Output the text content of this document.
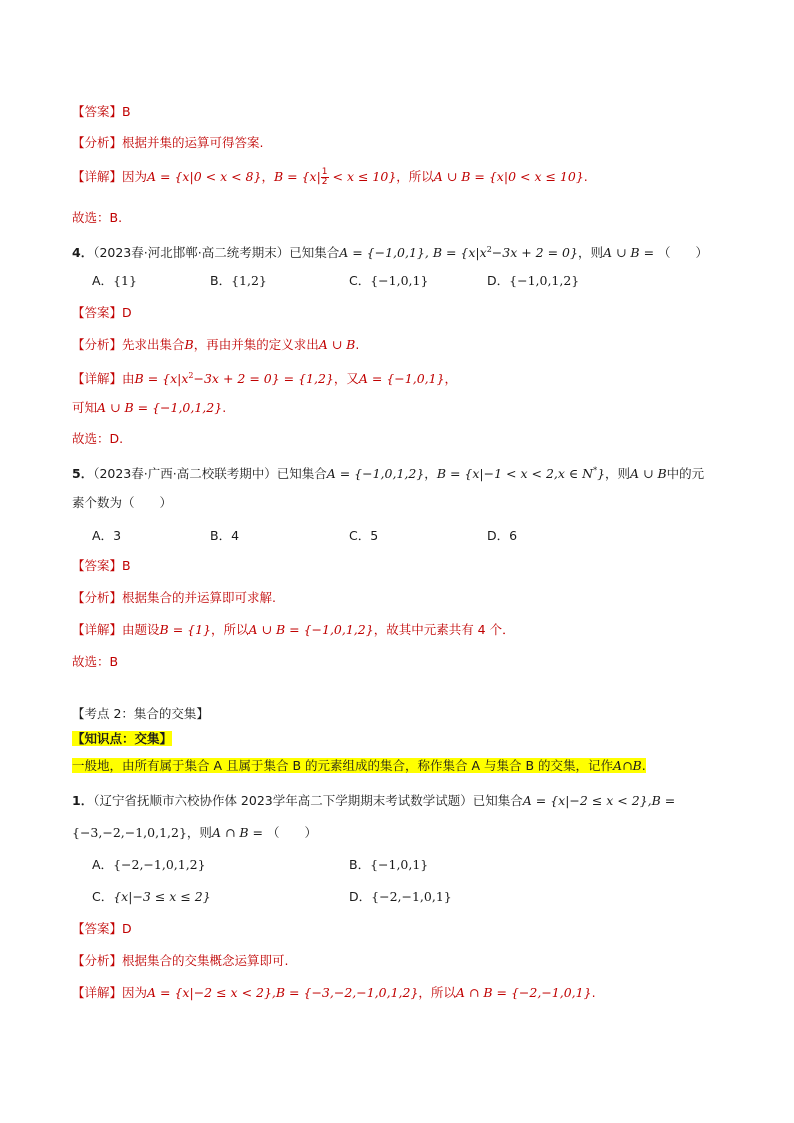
【答案】B
【分析】根据并集的运算可得答案.
【详解】因为A = {x|0 < x < 8}，$B = \{x| \frac{1}{2} < x \le 10\}$，所以A ∪ B = {x|0 < x ≤ 10}.
故选：B.
4．（2023春·河北邯郸·高二统考期末）已知集合A = {−1,0,1}, $B = \{x|x^2-3x + 2 = 0\}$，则A ∪ B = （　　）
A．{1}	B．{1,2}	C．{−1,0,1}	D．{−1,0,1,2}
【答案】D
【分析】先求出集合B，再由并集的定义求出A ∪ B.
【详解】由$B = \{x|x^2-3x + 2 = 0\} = \{1,2\}$，又A = {−1,0,1}，
可知A ∪ B = {−1,0,1,2}.
故选：D.
5．（2023春·广西·高二校联考期中）已知集合A = {−1,0,1,2}，B = {x|−1 < x < 2,x ∈ N*}，则A ∪ B中的元
素个数为（　　）
A．3	B．4	C．5	D．6
【答案】B
【分析】根据集合的并运算即可求解.
【详解】由题设B = {1}，所以A ∪ B = {−1,0,1,2}，故其中元素共有 4 个．
故选：B
【考点 2：集合的交集】
【知识点：交集】
一般地，由所有属于集合 A 且属于集合 B 的元素组成的集合，称作集合 A 与集合 B 的交集，记作A∩B.
1．（辽宁省抚顺市六校协作体 2023学年高二下学期期末考试数学试题）已知集合A = {x|−2 ≤ x < 2},B =
{−3,−2,−1,0,1,2}，则A ∩ B = （　　）
A．{−2,−1,0,1,2}	B．{−1,0,1}
C．{x|−3 ≤ x ≤ 2}	D．{−2,−1,0,1}
【答案】D
【分析】根据集合的交集概念运算即可.
【详解】因为A = {x|−2 ≤ x < 2},B = {−3,−2,−1,0,1,2}，所以A ∩ B = {−2,−1,0,1}.
